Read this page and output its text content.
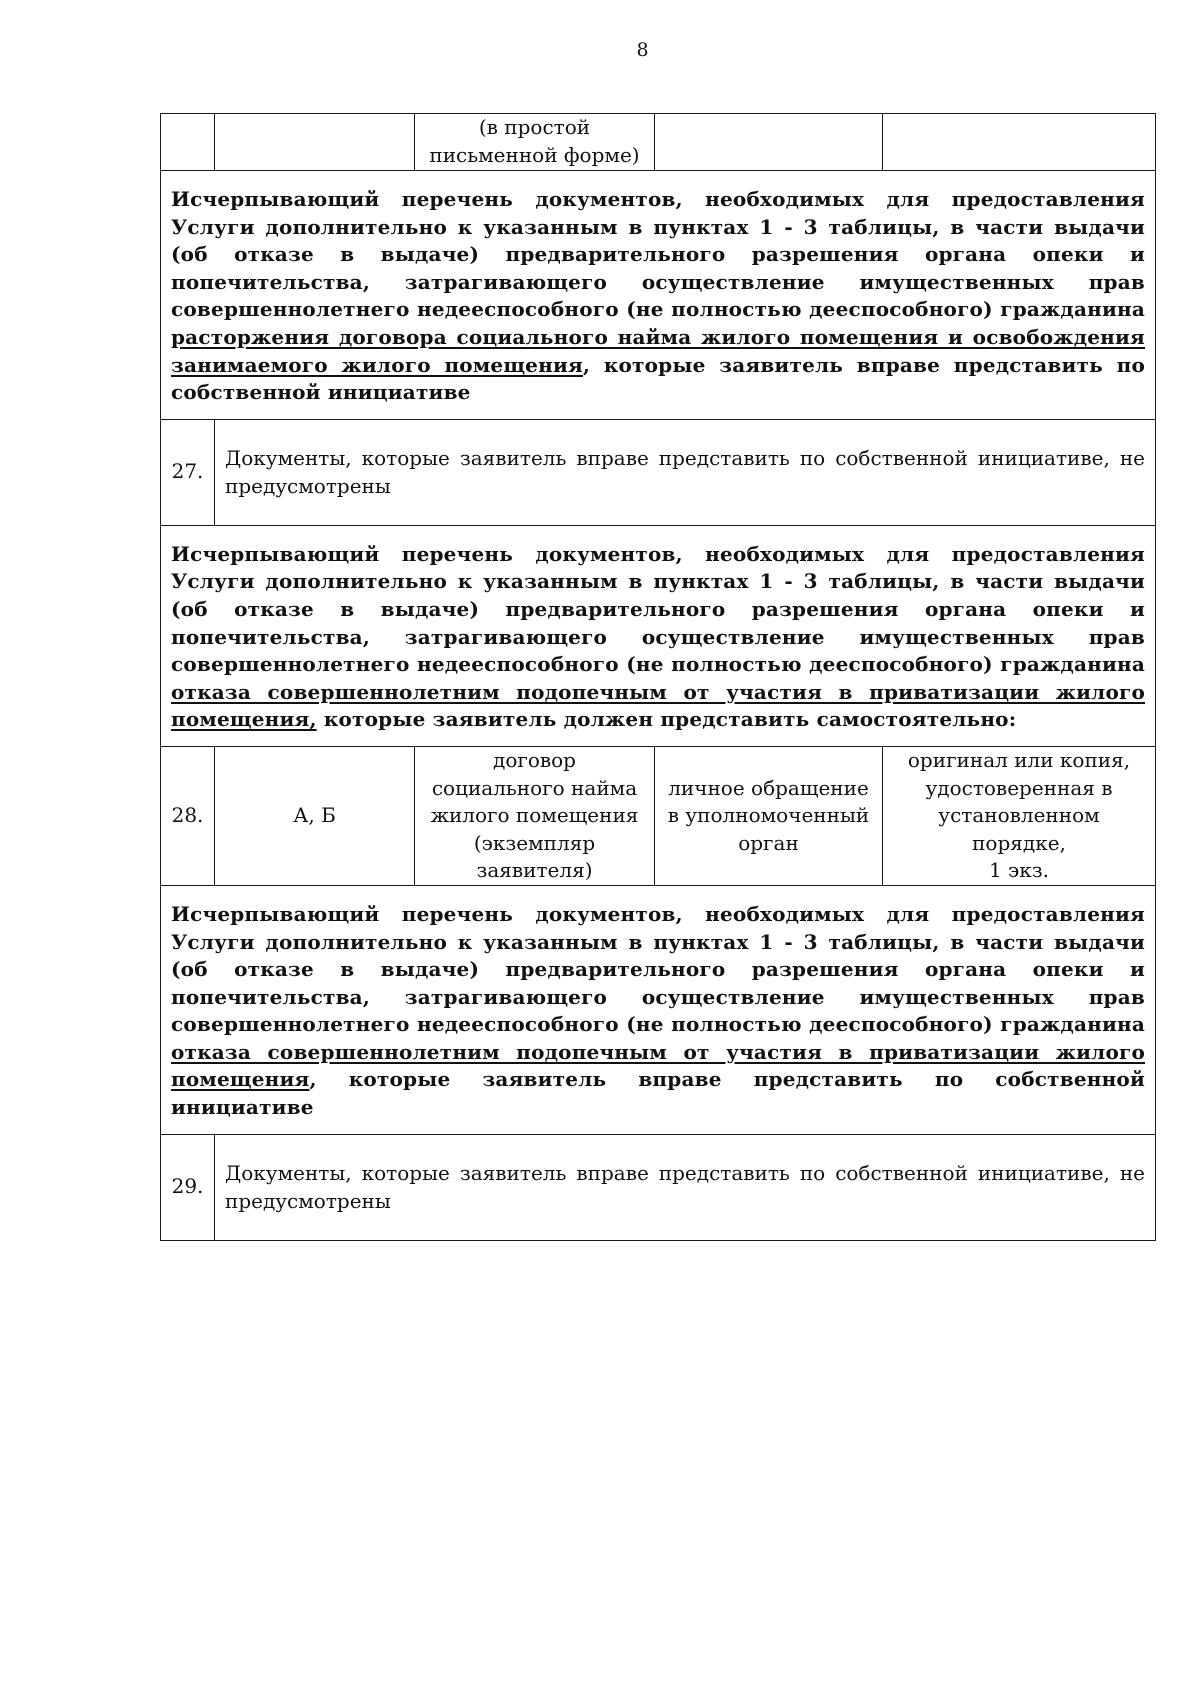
8
		(в простой письменной форме)		
Исчерпывающий перечень документов, необходимых для предоставления Услуги дополнительно к указанным в пунктах 1 - 3 таблицы, в части выдачи (об отказе в выдаче) предварительного разрешения органа опеки и попечительства, затрагивающего осуществление имущественных прав совершеннолетнего недееспособного (не полностью дееспособного) гражданина расторжения договора социального найма жилого помещения и освобождения занимаемого жилого помещения, которые заявитель вправе представить по собственной инициативе				
27.	Документы, которые заявитель вправе представить по собственной инициативе, не предусмотрены			
Исчерпывающий перечень документов, необходимых для предоставления Услуги дополнительно к указанным в пунктах 1 - 3 таблицы, в части выдачи (об отказе в выдаче) предварительного разрешения органа опеки и попечительства, затрагивающего осуществление имущественных прав совершеннолетнего недееспособного (не полностью дееспособного) гражданина отказа совершеннолетним подопечным от участия в приватизации жилого помещения, которые заявитель должен представить самостоятельно:				
28.	А, Б	договор социального найма жилого помещения (экземпляр заявителя)	личное обращение в уполномоченный орган	оригинал или копия, удостоверенная в установленном порядке,
1 экз.
Исчерпывающий перечень документов, необходимых для предоставления Услуги дополнительно к указанным в пунктах 1 - 3 таблицы, в части выдачи (об отказе в выдаче) предварительного разрешения органа опеки и попечительства, затрагивающего осуществление имущественных прав совершеннолетнего недееспособного (не полностью дееспособного) гражданина отказа совершеннолетним подопечным от участия в приватизации жилого помещения, которые заявитель вправе представить по собственной инициативе				
29.	Документы, которые заявитель вправе представить по собственной инициативе, не предусмотрены			
